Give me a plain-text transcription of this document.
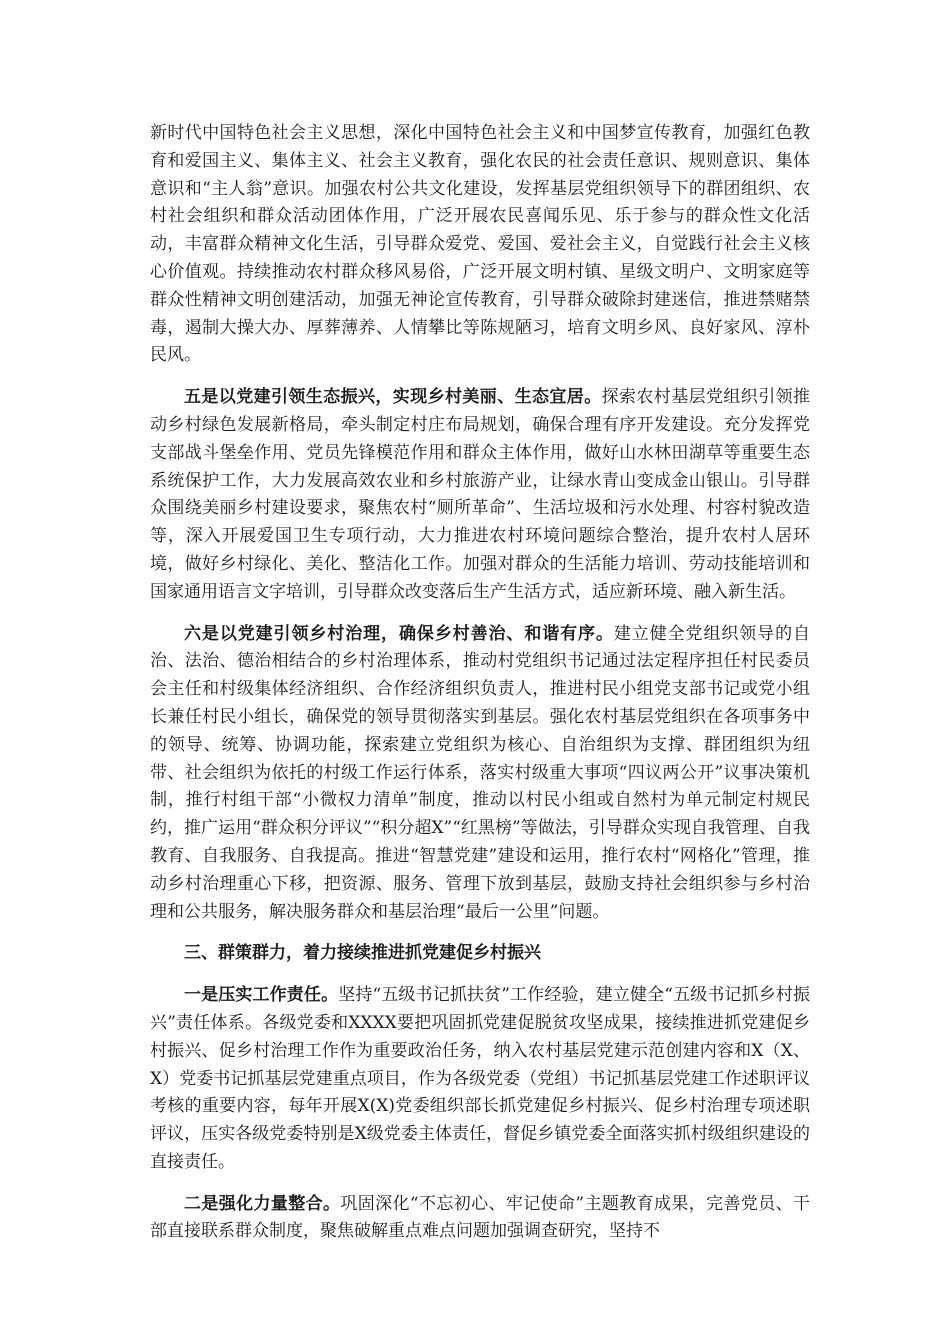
新时代中国特色社会主义思想，深化中国特色社会主义和中国梦宣传教育，加强红色教育和爱国主义、集体主义、社会主义教育，强化农民的社会责任意识、规则意识、集体意识和“主人翁”意识。加强农村公共文化建设，发挥基层党组织领导下的群团组织、农村社会组织和群众活动团体作用，广泛开展农民喜闻乐见、乐于参与的群众性文化活动，丰富群众精神文化生活，引导群众爱党、爱国、爱社会主义，自觉践行社会主义核心价值观。持续推动农村群众移风易俗，广泛开展文明村镇、星级文明户、文明家庭等群众性精神文明创建活动，加强无神论宣传教育，引导群众破除封建迷信，推进禁赌禁毒，遏制大操大办、厚葬薄养、人情攀比等陈规陋习，培育文明乡风、良好家风、淳朴民风。

五是以党建引领生态振兴，实现乡村美丽、生态宜居。探索农村基层党组织引领推动乡村绿色发展新格局，牵头制定村庄布局规划，确保合理有序开发建设。充分发挥党支部战斗堡垒作用、党员先锋模范作用和群众主体作用，做好山水林田湖草等重要生态系统保护工作，大力发展高效农业和乡村旅游产业，让绿水青山变成金山银山。引导群众围绕美丽乡村建设要求，聚焦农村“厕所革命”、生活垃圾和污水处理、村容村貌改造等，深入开展爱国卫生专项行动，大力推进农村环境问题综合整治，提升农村人居环境，做好乡村绿化、美化、整洁化工作。加强对群众的生活能力培训、劳动技能培训和国家通用语言文字培训，引导群众改变落后生产生活方式，适应新环境、融入新生活。

六是以党建引领乡村治理，确保乡村善治、和谐有序。建立健全党组织领导的自治、法治、德治相结合的乡村治理体系，推动村党组织书记通过法定程序担任村民委员会主任和村级集体经济组织、合作经济组织负责人，推进村民小组党支部书记或党小组长兼任村民小组长，确保党的领导贯彻落实到基层。强化农村基层党组织在各项事务中的领导、统筹、协调功能，探索建立党组织为核心、自治组织为支撑、群团组织为纽带、社会组织为依托的村级工作运行体系，落实村级重大事项“四议两公开”议事决策机制，推行村组干部“小微权力清单”制度，推动以村民小组或自然村为单元制定村规民约，推广运用“群众积分评议”“积分超X”“红黑榜”等做法，引导群众实现自我管理、自我教育、自我服务、自我提高。推进“智慧党建”建设和运用，推行农村“网格化”管理，推动乡村治理重心下移，把资源、服务、管理下放到基层，鼓励支持社会组织参与乡村治理和公共服务，解决服务群众和基层治理“最后一公里”问题。

三、群策群力，着力接续推进抓党建促乡村振兴

一是压实工作责任。坚持“五级书记抓扶贫”工作经验，建立健全“五级书记抓乡村振兴”责任体系。各级党委和XXXX要把巩固抓党建促脱贫攻坚成果，接续推进抓党建促乡村振兴、促乡村治理工作作为重要政治任务，纳入农村基层党建示范创建内容和X（X、X）党委书记抓基层党建重点项目，作为各级党委（党组）书记抓基层党建工作述职评议考核的重要内容，每年开展X(X)党委组织部长抓党建促乡村振兴、促乡村治理专项述职评议，压实各级党委特别是X级党委主体责任，督促乡镇党委全面落实抓村级组织建设的直接责任。

二是强化力量整合。巩固深化“不忘初心、牢记使命”主题教育成果，完善党员、干部直接联系群众制度，聚焦破解重点难点问题加强调查研究，坚持不
